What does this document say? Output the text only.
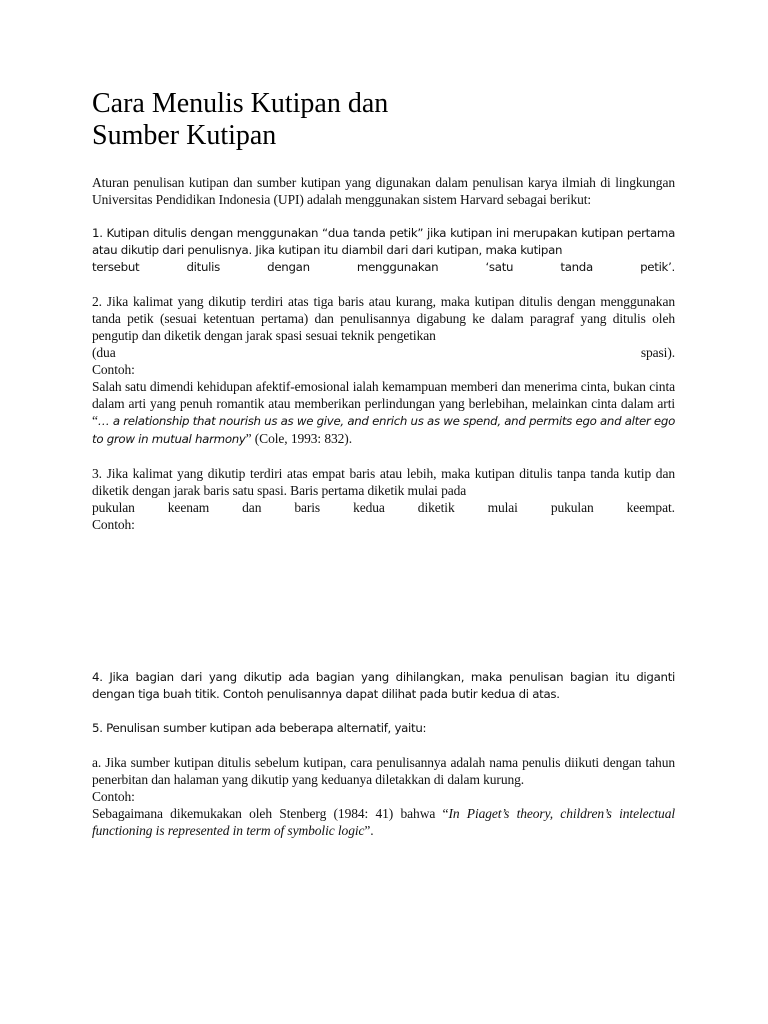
Cara Menulis Kutipan dan
Sumber Kutipan

Aturan penulisan kutipan dan sumber kutipan yang digunakan dalam penulisan karya ilmiah di lingkungan Universitas Pendidikan Indonesia (UPI) adalah menggunakan sistem Harvard sebagai berikut:

1. Kutipan ditulis dengan menggunakan “dua tanda petik” jika kutipan ini merupakan kutipan pertama atau dikutip dari penulisnya. Jika kutipan itu diambil dari dari kutipan, maka kutipan

tersebut	ditulis	dengan	menggunakan	‘satu	tanda	petik’.

2. Jika kalimat yang dikutip terdiri atas tiga baris atau kurang, maka kutipan ditulis dengan menggunakan tanda petik (sesuai ketentuan pertama) dan penulisannya digabung ke dalam paragraf yang ditulis oleh pengutip dan diketik dengan jarak spasi sesuai teknik pengetikan

(dua	spasi).

Contoh:

Salah satu dimendi kehidupan afektif-emosional ialah kemampuan memberi dan menerima cinta, bukan cinta dalam arti yang penuh romantik atau memberikan perlindungan yang berlebihan, melainkan cinta dalam arti “… a relationship that nourish us as we give, and enrich us as we spend, and permits ego and alter ego to grow in mutual harmony” (Cole, 1993: 832).

3. Jika kalimat yang dikutip terdiri atas empat baris atau lebih, maka kutipan ditulis tanpa tanda kutip dan diketik dengan jarak baris satu spasi. Baris pertama diketik mulai pada

pukulan keenam dan baris kedua diketik mulai pukulan keempat.

Contoh:

4. Jika bagian dari yang dikutip ada bagian yang dihilangkan, maka penulisan bagian itu diganti dengan tiga buah titik. Contoh penulisannya dapat dilihat pada butir kedua di atas.

5. Penulisan sumber kutipan ada beberapa alternatif, yaitu:

a. Jika sumber kutipan ditulis sebelum kutipan, cara penulisannya adalah nama penulis diikuti dengan tahun penerbitan dan halaman yang dikutip yang keduanya diletakkan di dalam kurung.

Contoh:

Sebagaimana dikemukakan oleh Stenberg (1984: 41) bahwa “In Piaget’s theory, children’s intelectual functioning is represented in term of symbolic logic”.
